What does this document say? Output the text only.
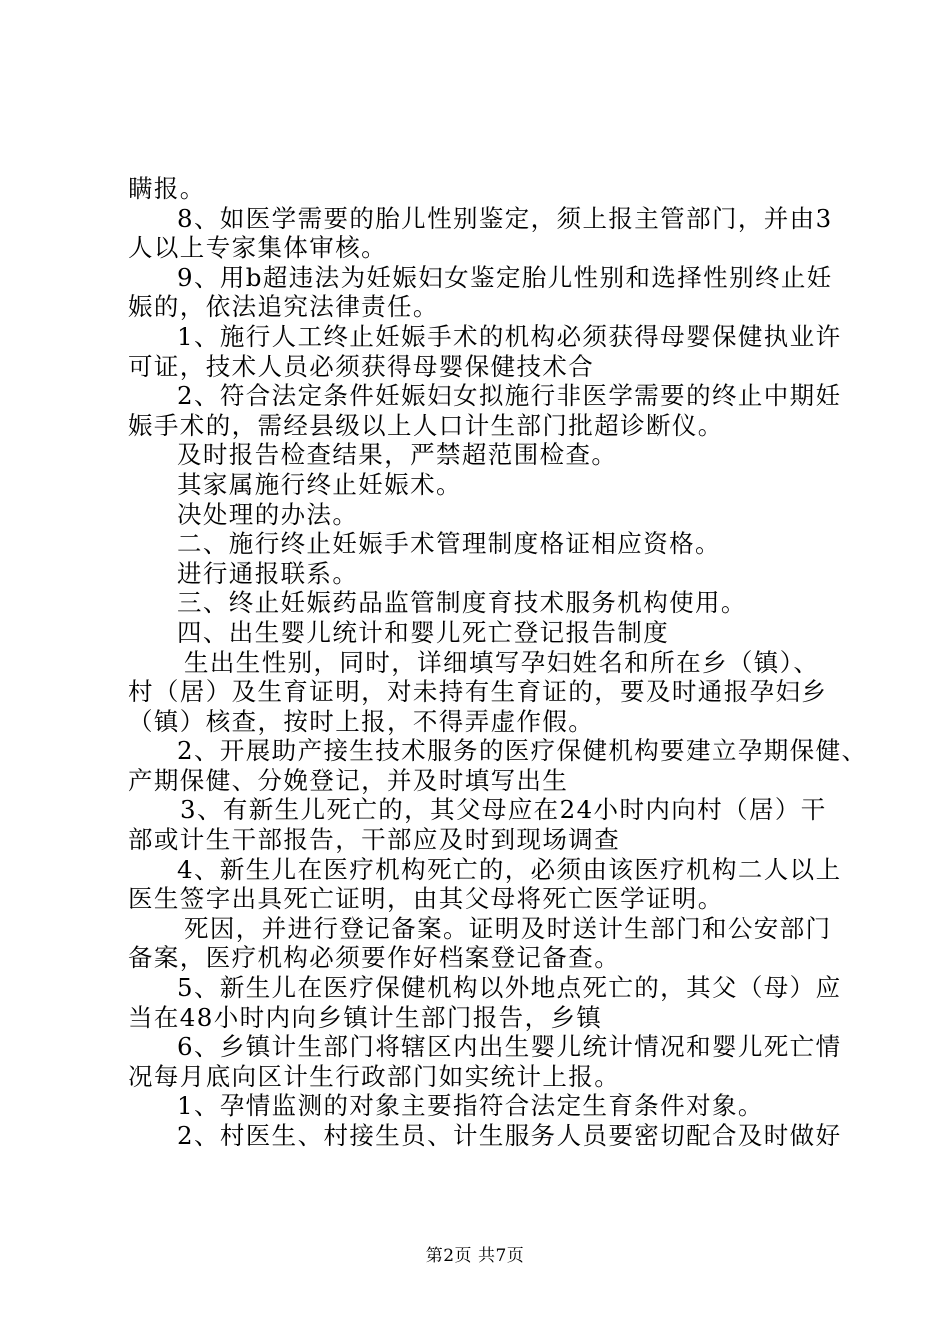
瞒报。
8、如医学需要的胎儿性别鉴定，须上报主管部门，并由3
人以上专家集体审核。
9、用b超违法为妊娠妇女鉴定胎儿性别和选择性别终止妊
娠的，依法追究法律责任。
1、施行人工终止妊娠手术的机构必须获得母婴保健执业许
可证，技术人员必须获得母婴保健技术合
2、符合法定条件妊娠妇女拟施行非医学需要的终止中期妊
娠手术的，需经县级以上人口计生部门批超诊断仪。
及时报告检查结果，严禁超范围检查。
其家属施行终止妊娠术。
决处理的办法。
二、施行终止妊娠手术管理制度格证相应资格。
进行通报联系。
三、终止妊娠药品监管制度育技术服务机构使用。
四、出生婴儿统计和婴儿死亡登记报告制度
生出生性别，同时，详细填写孕妇姓名和所在乡（镇）、
村（居）及生育证明，对未持有生育证的，要及时通报孕妇乡
（镇）核查，按时上报，不得弄虚作假。
2、开展助产接生技术服务的医疗保健机构要建立孕期保健、
产期保健、分娩登记，并及时填写出生
3、有新生儿死亡的，其父母应在24小时内向村（居）干
部或计生干部报告，干部应及时到现场调查
4、新生儿在医疗机构死亡的，必须由该医疗机构二人以上
医生签字出具死亡证明，由其父母将死亡医学证明。
死因，并进行登记备案。证明及时送计生部门和公安部门
备案，医疗机构必须要作好档案登记备查。
5、新生儿在医疗保健机构以外地点死亡的，其父（母）应
当在48小时内向乡镇计生部门报告，乡镇
6、乡镇计生部门将辖区内出生婴儿统计情况和婴儿死亡情
况每月底向区计生行政部门如实统计上报。
1、孕情监测的对象主要指符合法定生育条件对象。
2、村医生、村接生员、计生服务人员要密切配合及时做好
第2页 共7页
